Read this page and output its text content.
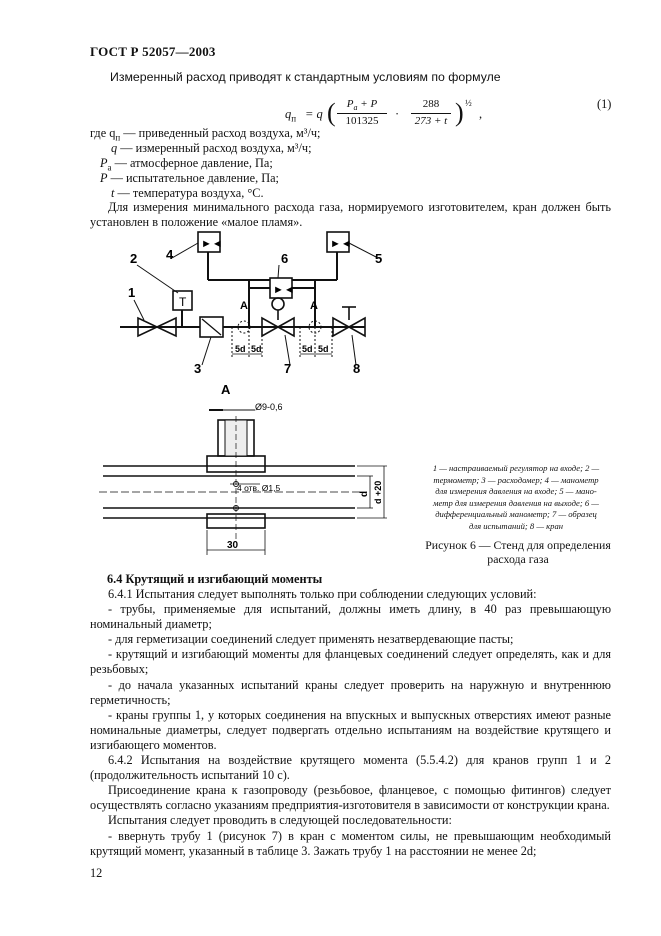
ГОСТ Р 52057—2003
Измеренный расход приводят к стандартным условиям по формуле
$q_п = q$ (	$P_a + P$
101325	·
288
273 + t ) ½
,
(1)
где $q_п$ — приведенный расход воздуха, м³/ч;
q — измеренный расход воздуха, м³/ч;
$P_a$ — атмосферное давление, Па;
P — испытательное давление, Па;
t — температура воздуха, °С.
Для измерения минимального расхода газа, нормируемого изготовителем, кран должен быть установлен в положение «малое пламя».
T
►◄	►◄
►◄
5d 5d	5d 5d
A	A
1
2
3
4	5
6
7	8
A
Ø9-0,6
4 отв. Ø1,5
30
d d +20
1 — настраиваемый регулятор на входе; 2 —
термометр; 3 — расходомер; 4 — манометр
для измерения давления на входе; 5 — мано-
метр для измерения давления на выходе; 6 —
дифференциальный манометр; 7 — образец
для испытаний; 8 — кран
Рисунок 6 — Стенд для определения
расхода газа
6.4 Крутящий и изгибающий моменты
6.4.1 Испытания следует выполнять только при соблюдении следующих условий:
- трубы, применяемые для испытаний, должны иметь длину, в 40 раз превышающую номинальный диаметр;
- для герметизации соединений следует применять незатвердевающие пасты;
- крутящий и изгибающий моменты для фланцевых соединений следует определять, как и для резьбовых;
- до начала указанных испытаний краны следует проверить на наружную и внутреннюю герметичность;
- краны группы 1, у которых соединения на впускных и выпускных отверстиях имеют разные номинальные диаметры, следует подвергать отдельно испытаниям на воздействие крутящего и изгибающего моментов.
6.4.2 Испытания на воздействие крутящего момента (5.5.4.2) для кранов групп 1 и 2 (продолжительность испытаний 10 с).
Присоединение крана к газопроводу (резьбовое, фланцевое, с помощью фитингов) следует осуществлять согласно указаниям предприятия-изготовителя в зависимости от конструкции крана.
Испытания следует проводить в следующей последовательности:
- ввернуть трубу 1 (рисунок 7) в кран с моментом силы, не превышающим необходимый крутящий момент, указанный в таблице 3. Зажать трубу 1 на расстоянии не менее 2d;
12
